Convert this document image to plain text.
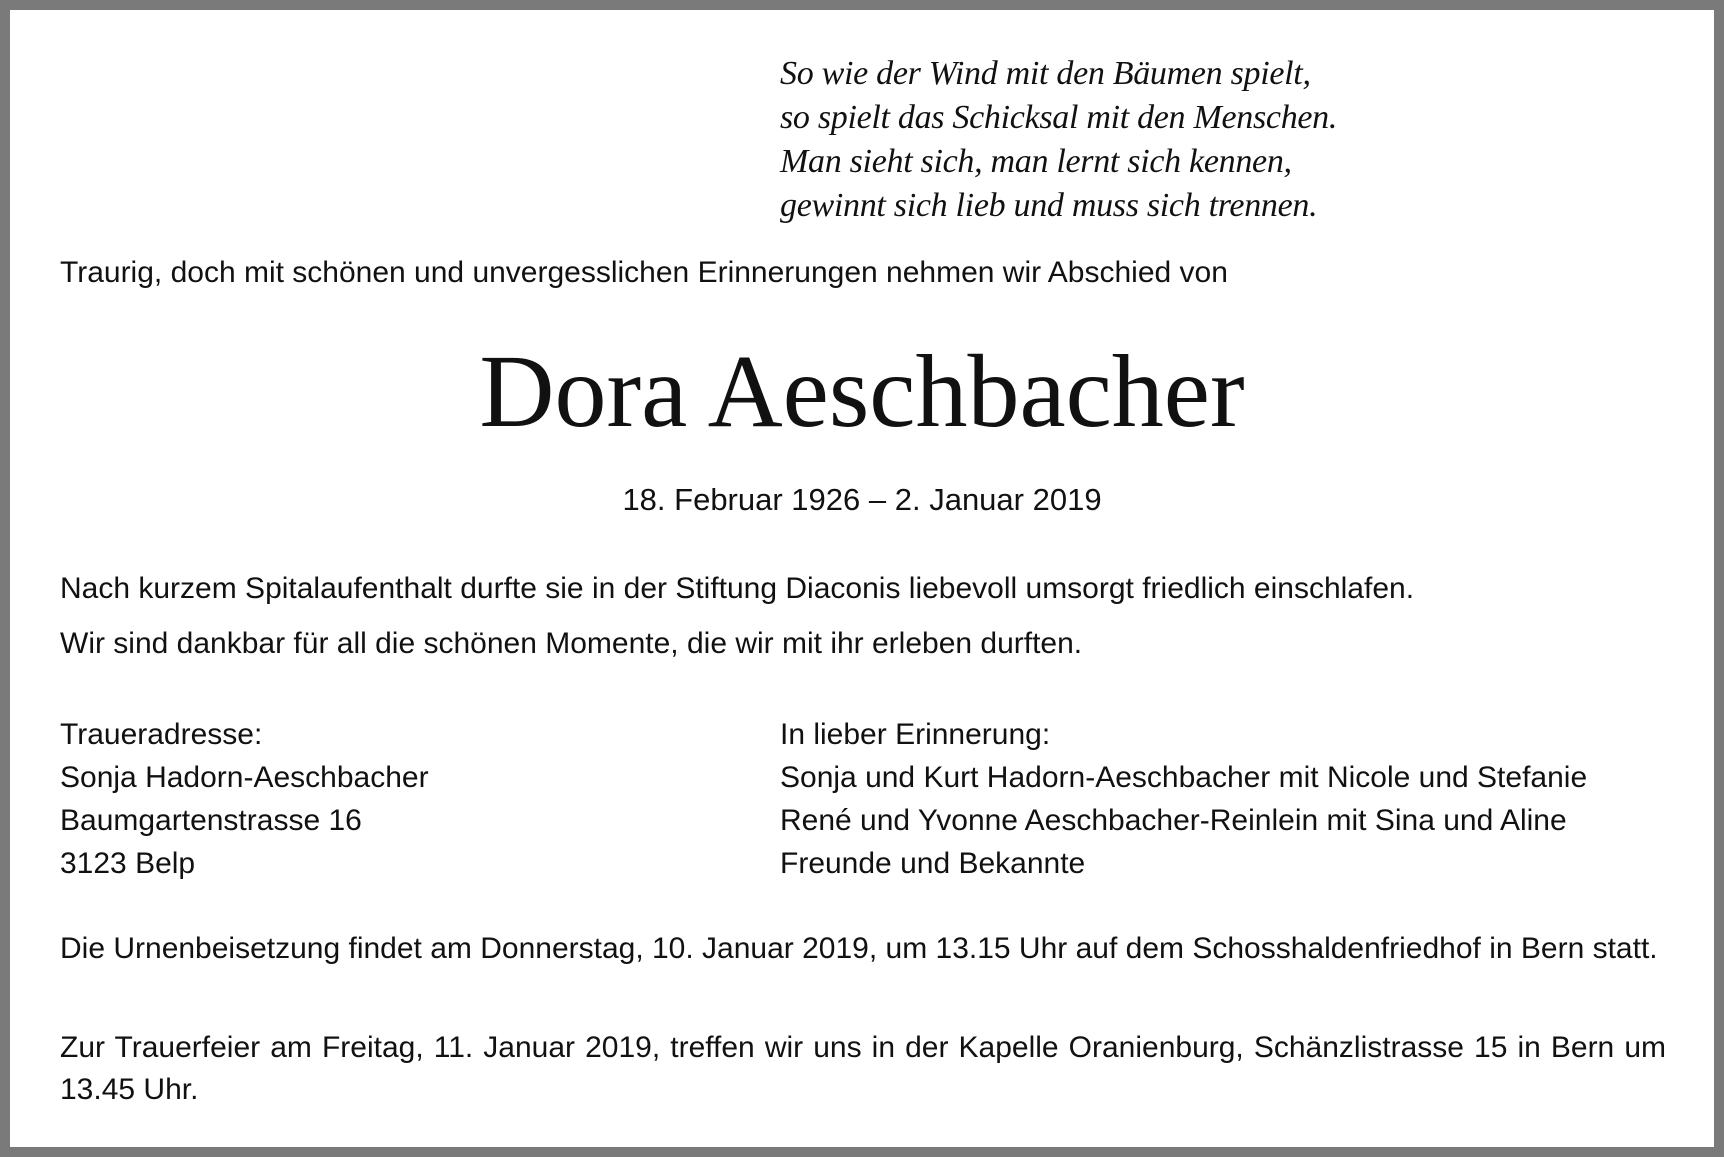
So wie der Wind mit den Bäumen spielt,
so spielt das Schicksal mit den Menschen.
Man sieht sich, man lernt sich kennen,
gewinnt sich lieb und muss sich trennen.
Traurig, doch mit schönen und unvergesslichen Erinnerungen nehmen wir Abschied von
Dora Aeschbacher
18. Februar 1926 – 2. Januar 2019
Nach kurzem Spitalaufenthalt durfte sie in der Stiftung Diaconis liebevoll umsorgt friedlich einschlafen.
Wir sind dankbar für all die schönen Momente, die wir mit ihr erleben durften.
Traueradresse:
Sonja Hadorn-Aeschbacher
Baumgartenstrasse 16
3123 Belp
In lieber Erinnerung:
Sonja und Kurt Hadorn-Aeschbacher mit Nicole und Stefanie
René und Yvonne Aeschbacher-Reinlein mit Sina und Aline
Freunde und Bekannte
Die Urnenbeisetzung findet am Donnerstag, 10. Januar 2019, um 13.15 Uhr auf dem Schosshaldenfriedhof in Bern statt.
Zur Trauerfeier am Freitag, 11. Januar 2019, treffen wir uns in der Kapelle Oranienburg, Schänzlistrasse 15 in Bern um 13.45 Uhr.
